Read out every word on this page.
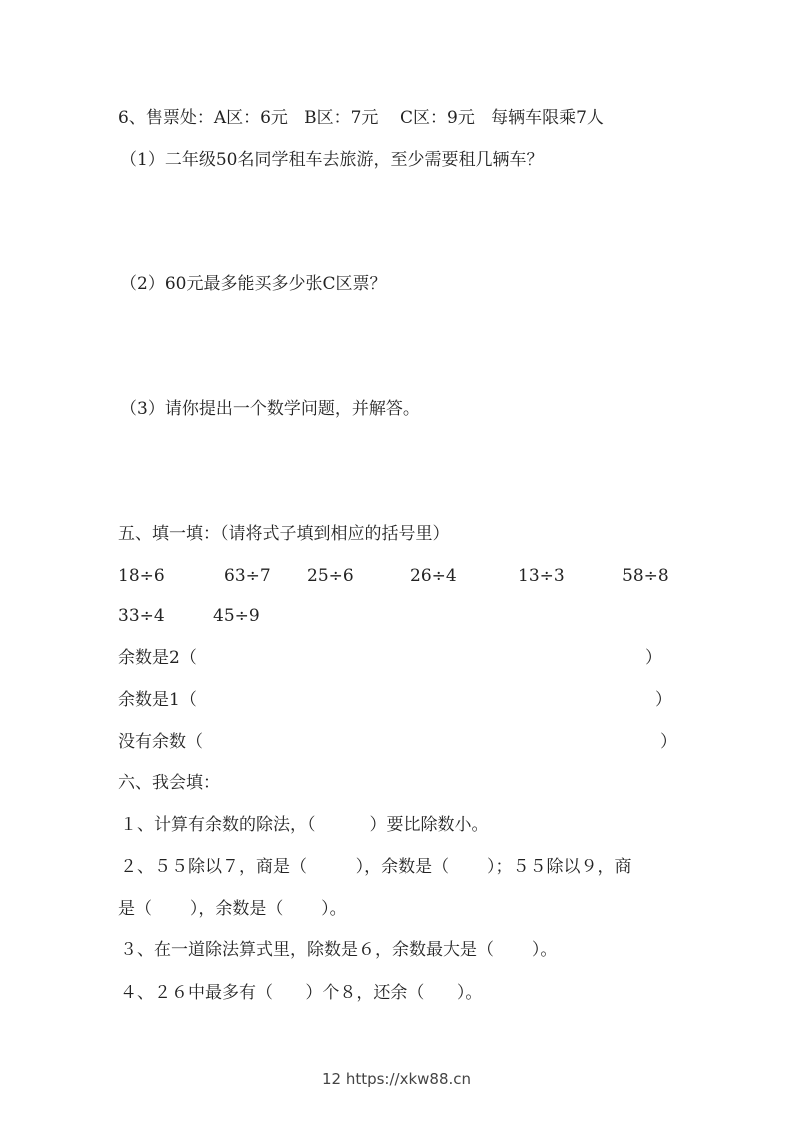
6、售票处：A区：6元   B区：7元    C区：9元   每辆车限乘7人
（1）二年级50名同学租车去旅游，至少需要租几辆车？
（2）60元最多能买多少张C区票？
（3）请你提出一个数学问题，并解答。
五、填一填：（请将式子填到相应的括号里）
18÷6	63÷7 25÷6	26÷4	13÷3	58÷8
33÷4	45÷9
余数是2（	）
余数是1（	）
没有余数（	）
六、我会填：
１、计算有余数的除法，（          ）要比除数小。
２、５５除以７，商是（         ），余数是（       ）；５５除以９，商
是（       ），余数是（       ）。
３、在一道除法算式里，除数是６，余数最大是（       ）。
４、２６中最多有（      ）个８，还余（      ）。
12 https://xkw88.cn
